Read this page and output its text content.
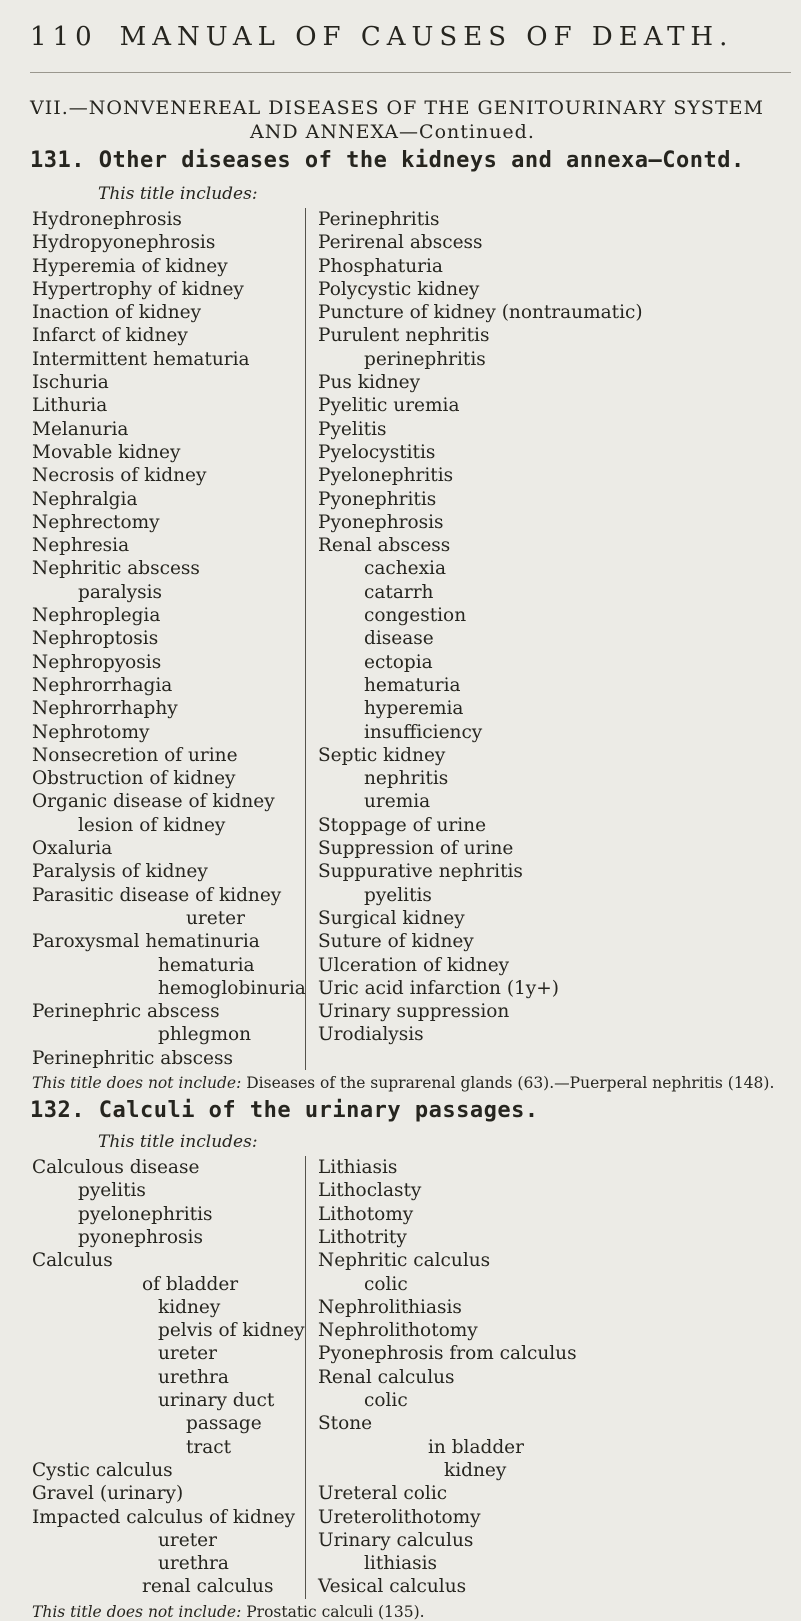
110 MANUAL OF CAUSES OF DEATH.
VII.—NONVENEREAL DISEASES OF THE GENITOURINARY SYSTEM
AND ANNEXA—Continued.
131. Other diseases of the kidneys and annexa—Contd.
This title includes:
Hydronephrosis
Hydropyonephrosis
Hyperemia of kidney
Hypertrophy of kidney
Inaction of kidney
Infarct of kidney
Intermittent hematuria
Ischuria
Lithuria
Melanuria
Movable kidney
Necrosis of kidney
Nephralgia
Nephrectomy
Nephresia
Nephritic abscess
paralysis
Nephroplegia
Nephroptosis
Nephropyosis
Nephrorrhagia
Nephrorrhaphy
Nephrotomy
Nonsecretion of urine
Obstruction of kidney
Organic disease of kidney
lesion of kidney
Oxaluria
Paralysis of kidney
Parasitic disease of kidney
ureter
Paroxysmal hematinuria
hematuria
hemoglobinuria
Perinephric abscess
phlegmon
Perinephritic abscess
Perinephritis
Perirenal abscess
Phosphaturia
Polycystic kidney
Puncture of kidney (nontraumatic)
Purulent nephritis
perinephritis
Pus kidney
Pyelitic uremia
Pyelitis
Pyelocystitis
Pyelonephritis
Pyonephritis
Pyonephrosis
Renal abscess
cachexia
catarrh
congestion
disease
ectopia
hematuria
hyperemia
insufficiency
Septic kidney
nephritis
uremia
Stoppage of urine
Suppression of urine
Suppurative nephritis
pyelitis
Surgical kidney
Suture of kidney
Ulceration of kidney
Uric acid infarction (1y+)
Urinary suppression
Urodialysis
This title does not include: Diseases of the suprarenal glands (63).—Puerperal nephritis (148).
132. Calculi of the urinary passages.
This title includes:
Calculous disease
pyelitis
pyelonephritis
pyonephrosis
Calculus
of bladder
kidney
pelvis of kidney
ureter
urethra
urinary duct
passage
tract
Cystic calculus
Gravel (urinary)
Impacted calculus of kidney
ureter
urethra
renal calculus
Lithiasis
Lithoclasty
Lithotomy
Lithotrity
Nephritic calculus
colic
Nephrolithiasis
Nephrolithotomy
Pyonephrosis from calculus
Renal calculus
colic
Stone
in bladder
kidney
Ureteral colic
Ureterolithotomy
Urinary calculus
lithiasis
Vesical calculus
This title does not include: Prostatic calculi (135).
